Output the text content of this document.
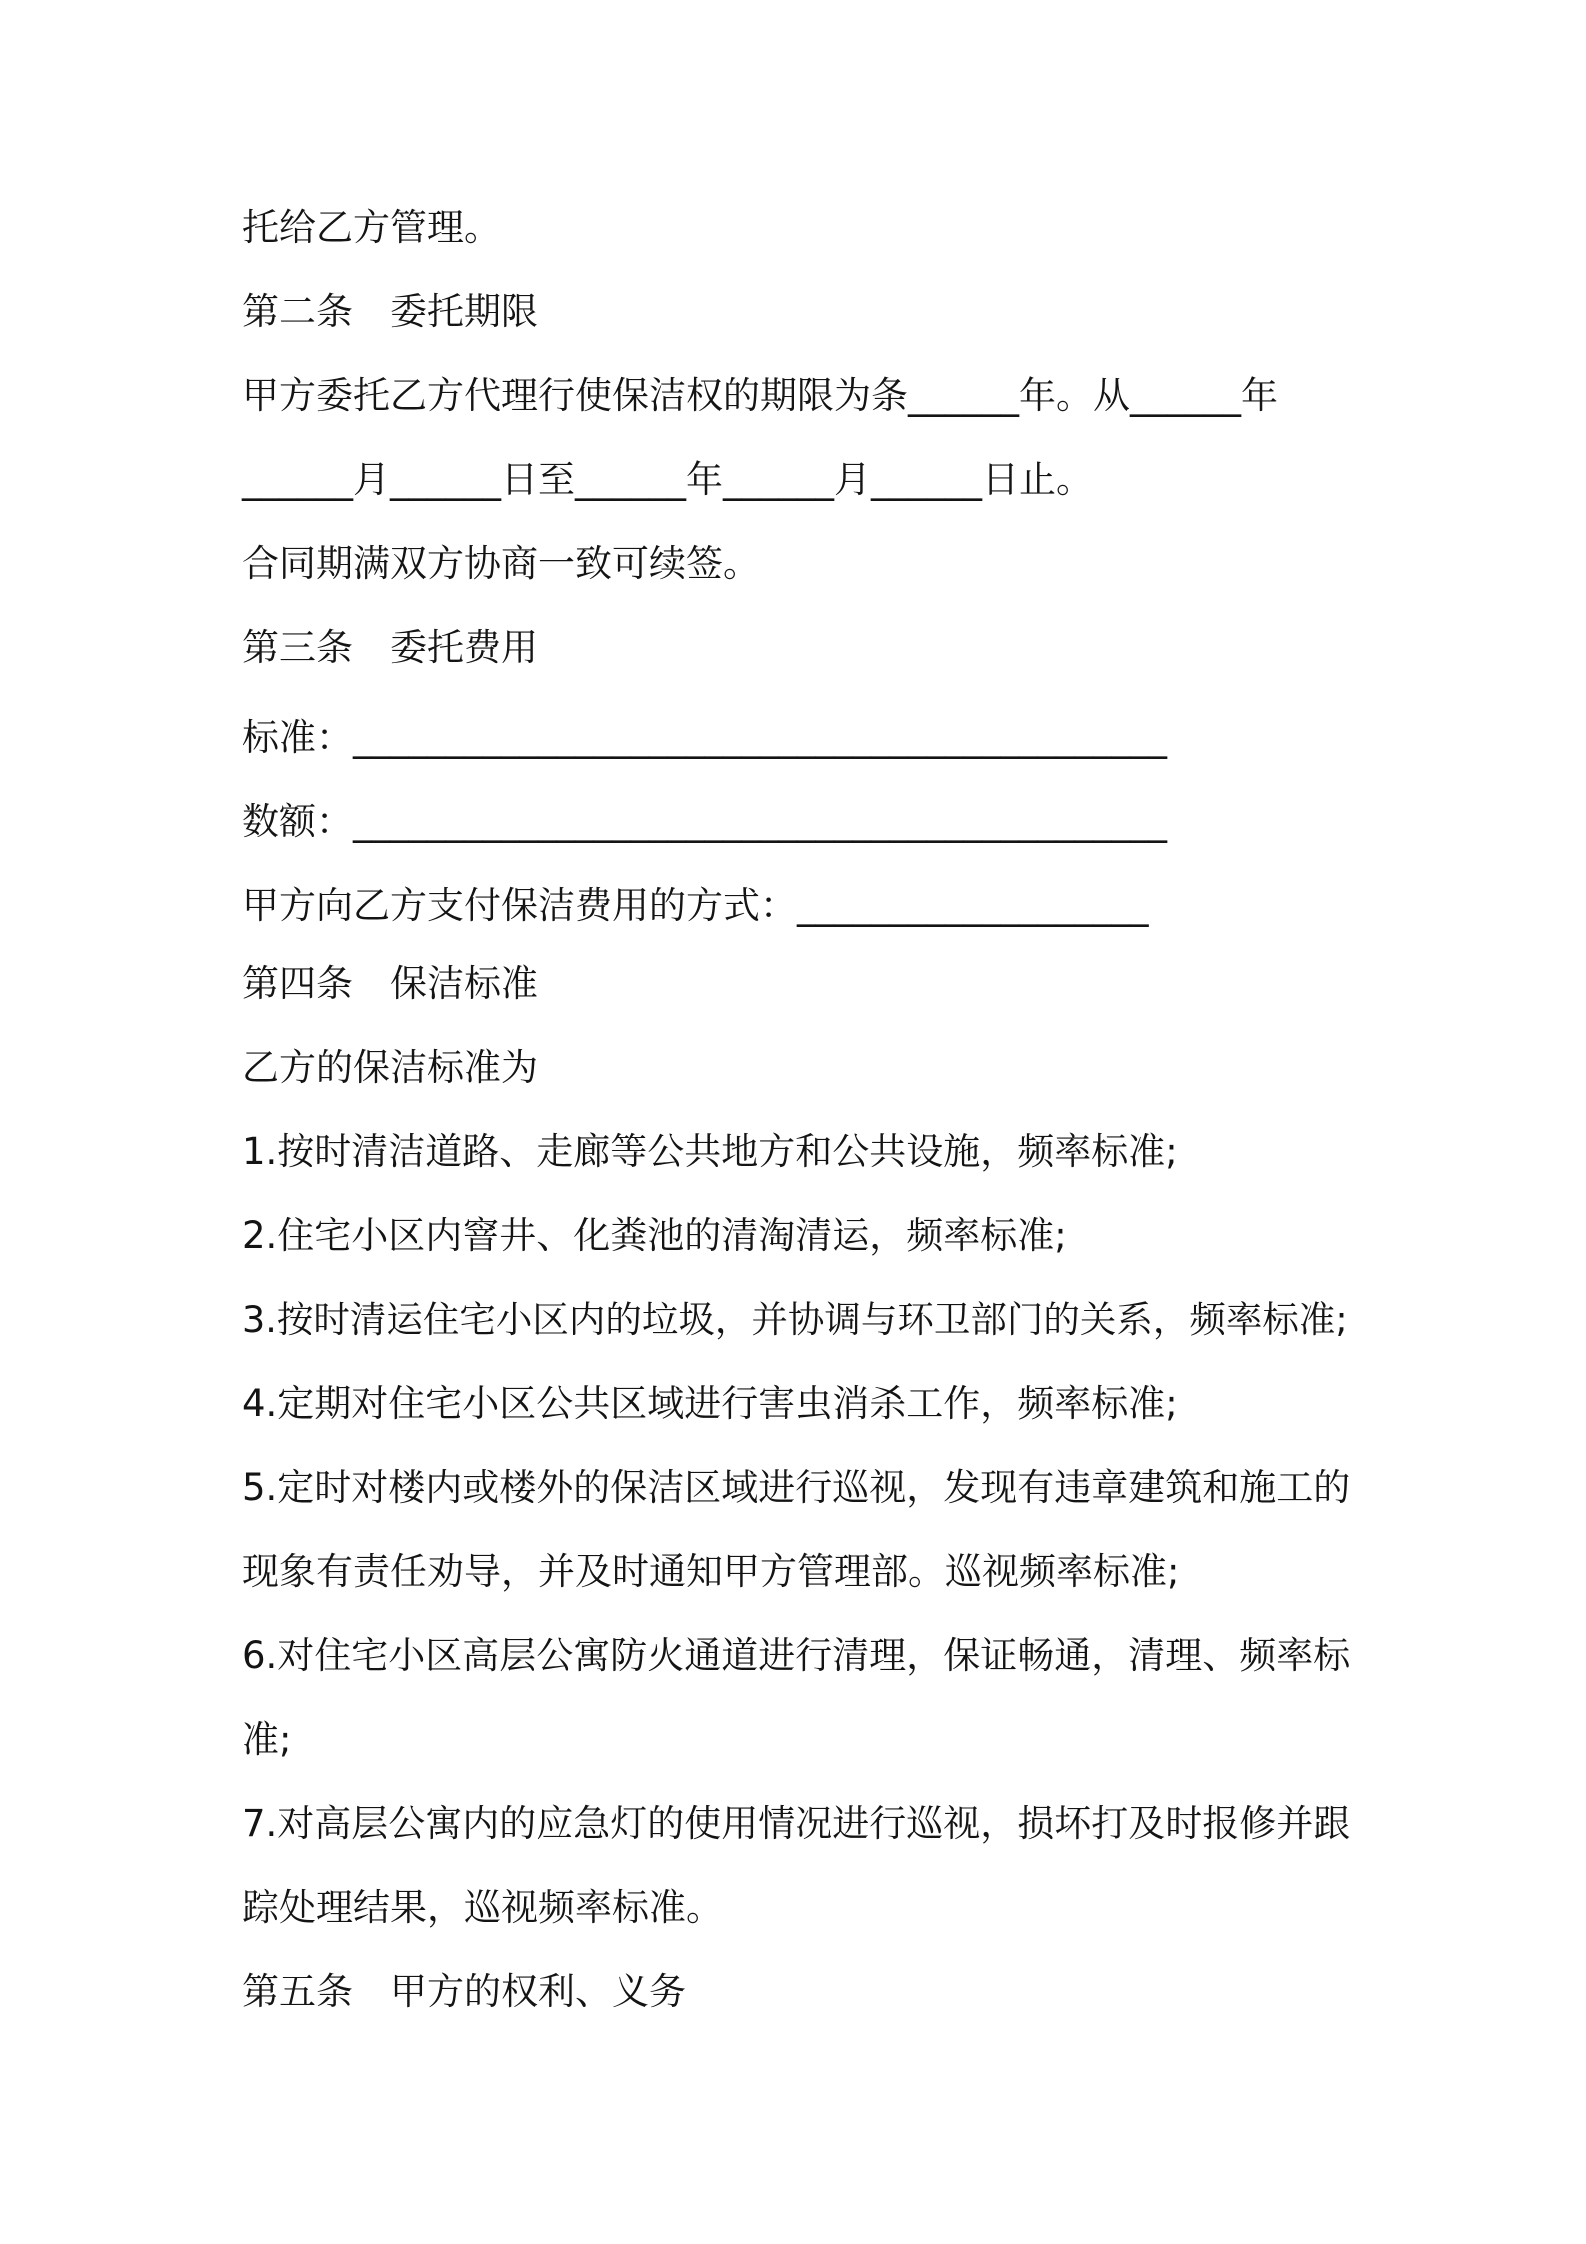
托给乙方管理。

第二条　委托期限

甲方委托乙方代理行使保洁权的期限为条______年。从______年

______月______日至______年______月______日止。

合同期满双方协商一致可续签。

第三条　委托费用

标准：____________________________________________

数额：____________________________________________

甲方向乙方支付保洁费用的方式：___________________

第四条　保洁标准

乙方的保洁标准为

1.按时清洁道路、走廊等公共地方和公共设施，频率标准;

2.住宅小区内窨井、化粪池的清淘清运，频率标准;

3.按时清运住宅小区内的垃圾，并协调与环卫部门的关系，频率标准;

4.定期对住宅小区公共区域进行害虫消杀工作，频率标准;

5.定时对楼内或楼外的保洁区域进行巡视，发现有违章建筑和施工的

现象有责任劝导，并及时通知甲方管理部。巡视频率标准;

6.对住宅小区高层公寓防火通道进行清理，保证畅通，清理、频率标

准;

7.对高层公寓内的应急灯的使用情况进行巡视，损坏打及时报修并跟

踪处理结果，巡视频率标准。

第五条　甲方的权利、义务
